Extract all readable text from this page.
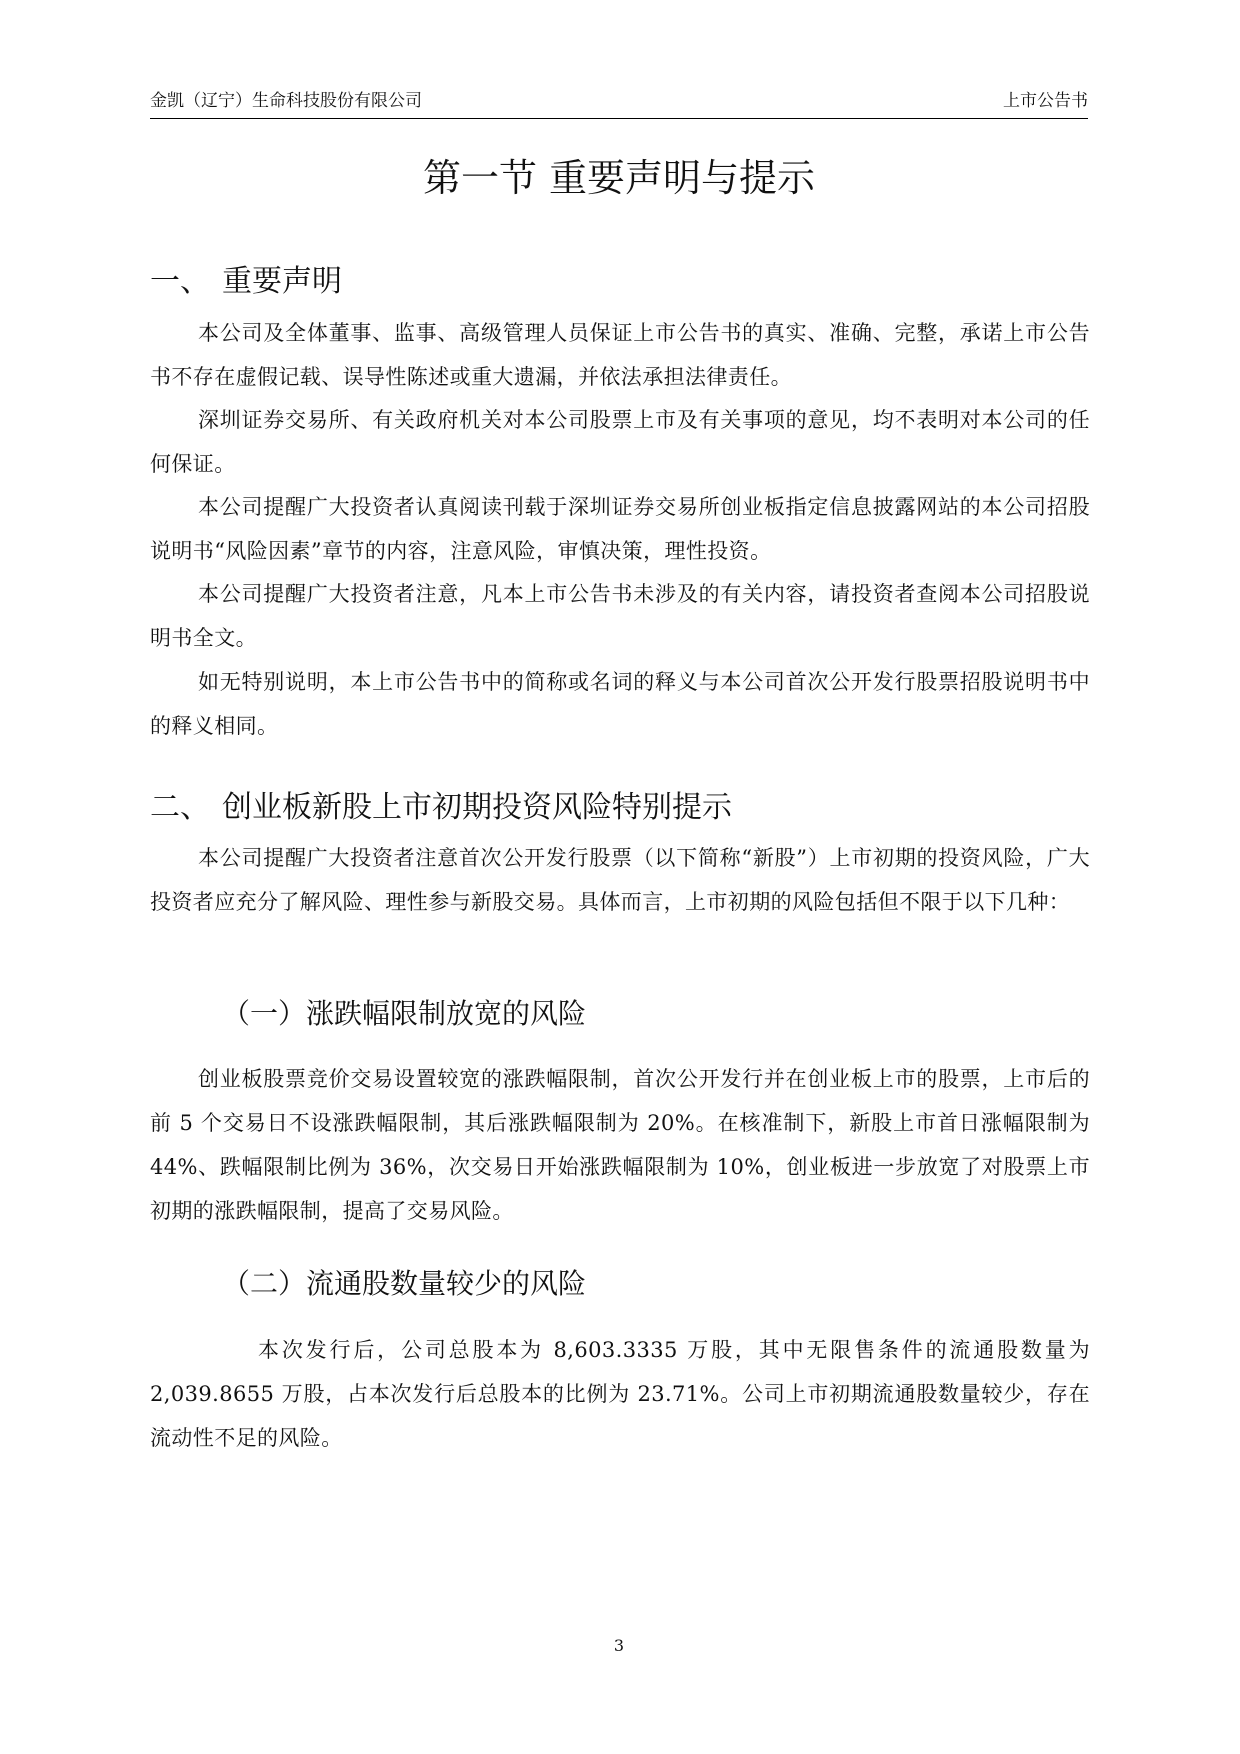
金凯（辽宁）生命科技股份有限公司	上市公告书
第一节 重要声明与提示
一、 重要声明

本公司及全体董事、监事、高级管理人员保证上市公告书的真实、准确、完整，承诺上市公告书不存在虚假记载、误导性陈述或重大遗漏，并依法承担法律责任。

深圳证券交易所、有关政府机关对本公司股票上市及有关事项的意见，均不表明对本公司的任何保证。

本公司提醒广大投资者认真阅读刊载于深圳证券交易所创业板指定信息披露网站的本公司招股说明书“风险因素”章节的内容，注意风险，审慎决策，理性投资。

本公司提醒广大投资者注意，凡本上市公告书未涉及的有关内容，请投资者查阅本公司招股说明书全文。

如无特别说明，本上市公告书中的简称或名词的释义与本公司首次公开发行股票招股说明书中的释义相同。

二、 创业板新股上市初期投资风险特别提示

本公司提醒广大投资者注意首次公开发行股票（以下简称“新股”）上市初期的投资风险，广大投资者应充分了解风险、理性参与新股交易。具体而言，上市初期的风险包括但不限于以下几种：

（一）涨跌幅限制放宽的风险

创业板股票竞价交易设置较宽的涨跌幅限制，首次公开发行并在创业板上市的股票，上市后的前 5 个交易日不设涨跌幅限制，其后涨跌幅限制为 20%。在核准制下，新股上市首日涨幅限制为 44%、跌幅限制比例为 36%，次交易日开始涨跌幅限制为 10%，创业板进一步放宽了对股票上市初期的涨跌幅限制，提高了交易风险。

（二）流通股数量较少的风险

本次发行后，公司总股本为 8,603.3335 万股，其中无限售条件的流通股数量为 2,039.8655 万股，占本次发行后总股本的比例为 23.71%。公司上市初期流通股数量较少，存在流动性不足的风险。

3
